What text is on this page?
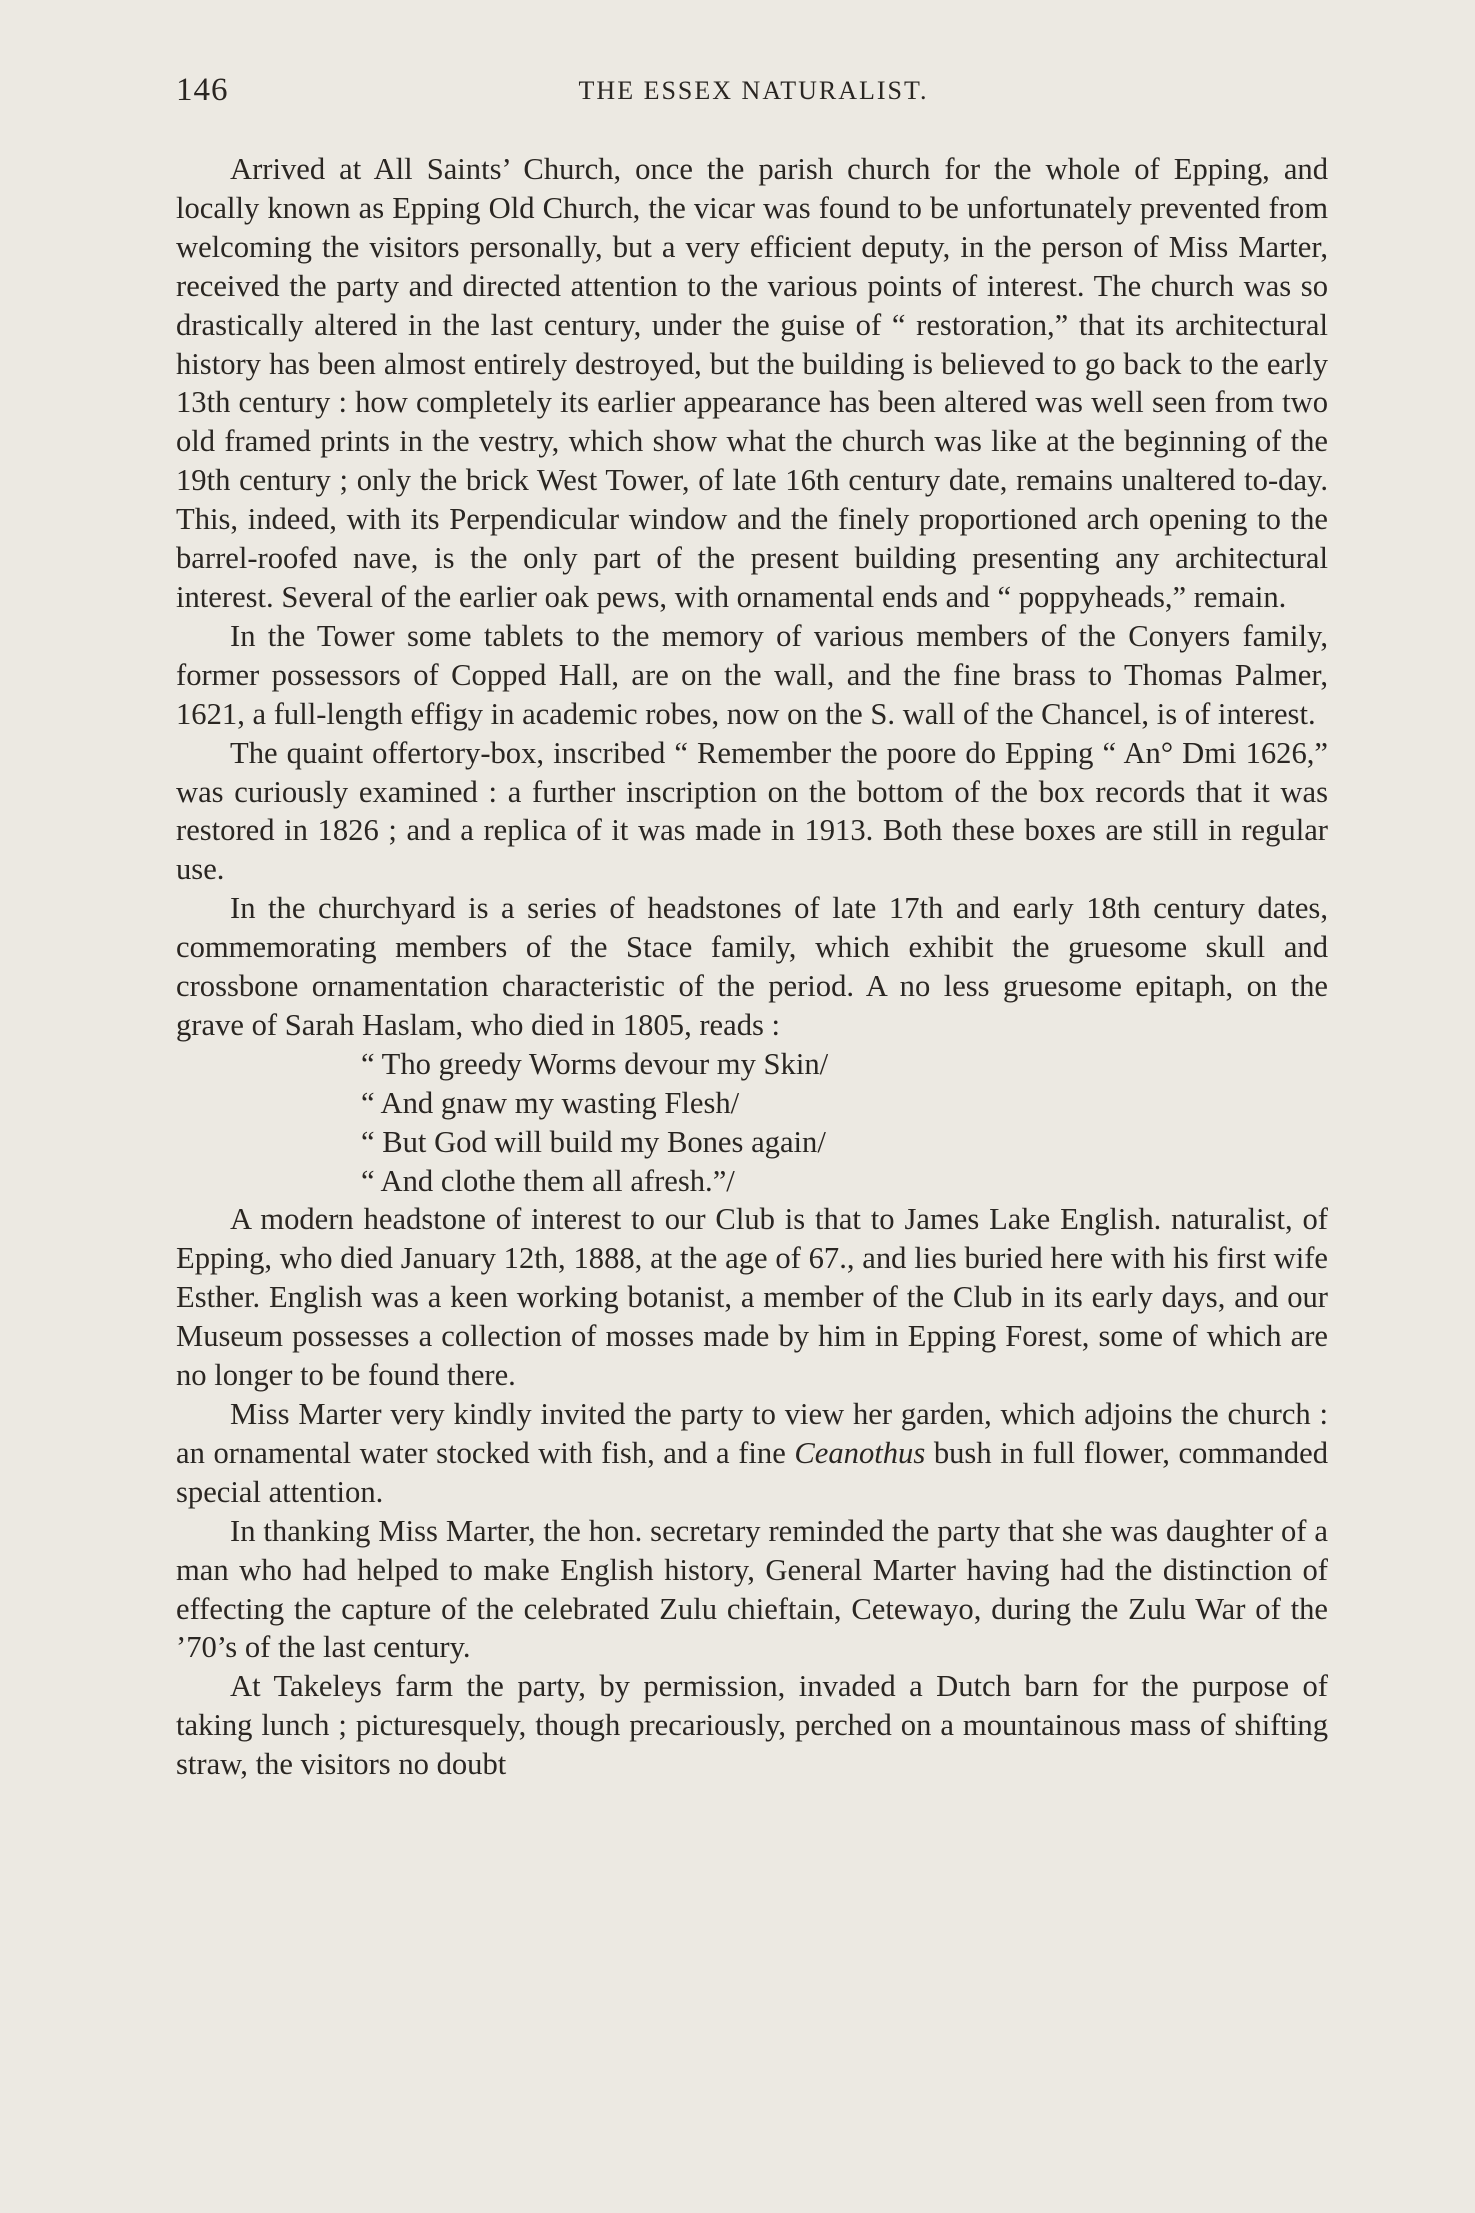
146	THE ESSEX NATURALIST.

Arrived at All Saints’ Church, once the parish church for the whole of Epping, and locally known as Epping Old Church, the vicar was found to be unfortunately prevented from welcoming the visitors personally, but a very efficient deputy, in the person of Miss Marter, received the party and directed attention to the various points of interest. The church was so drastically altered in the last century, under the guise of “ restoration,” that its architectural history has been almost entirely destroyed, but the building is believed to go back to the early 13th century : how completely its earlier appearance has been altered was well seen from two old framed prints in the vestry, which show what the church was like at the beginning of the 19th century ; only the brick West Tower, of late 16th century date, remains unaltered to-day. This, indeed, with its Perpendicular window and the finely proportioned arch opening to the barrel-roofed nave, is the only part of the present building presenting any architectural interest. Several of the earlier oak pews, with ornamental ends and “ poppyheads,” remain.

In the Tower some tablets to the memory of various members of the Conyers family, former possessors of Copped Hall, are on the wall, and the fine brass to Thomas Palmer, 1621, a full-length effigy in academic robes, now on the S. wall of the Chancel, is of interest.

The quaint offertory-box, inscribed “ Remember the poore do Epping “ An° Dmi 1626,” was curiously examined : a further inscription on the bottom of the box records that it was restored in 1826 ; and a replica of it was made in 1913. Both these boxes are still in regular use.

In the churchyard is a series of headstones of late 17th and early 18th century dates, commemorating members of the Stace family, which exhibit the gruesome skull and crossbone ornamentation characteristic of the period. A no less gruesome epitaph, on the grave of Sarah Haslam, who died in 1805, reads :

“ Tho greedy Worms devour my Skin/
“ And gnaw my wasting Flesh/
“ But God will build my Bones again/
“ And clothe them all afresh.”/

A modern headstone of interest to our Club is that to James Lake English. naturalist, of Epping, who died January 12th, 1888, at the age of 67., and lies buried here with his first wife Esther. English was a keen working botanist, a member of the Club in its early days, and our Museum possesses a collection of mosses made by him in Epping Forest, some of which are no longer to be found there.

Miss Marter very kindly invited the party to view her garden, which adjoins the church : an ornamental water stocked with fish, and a fine Ceanothus bush in full flower, commanded special attention.

In thanking Miss Marter, the hon. secretary reminded the party that she was daughter of a man who had helped to make English history, General Marter having had the distinction of effecting the capture of the celebrated Zulu chieftain, Cetewayo, during the Zulu War of the ’70’s of the last century.

At Takeleys farm the party, by permission, invaded a Dutch barn for the purpose of taking lunch ; picturesquely, though precariously, perched on a mountainous mass of shifting straw, the visitors no doubt
